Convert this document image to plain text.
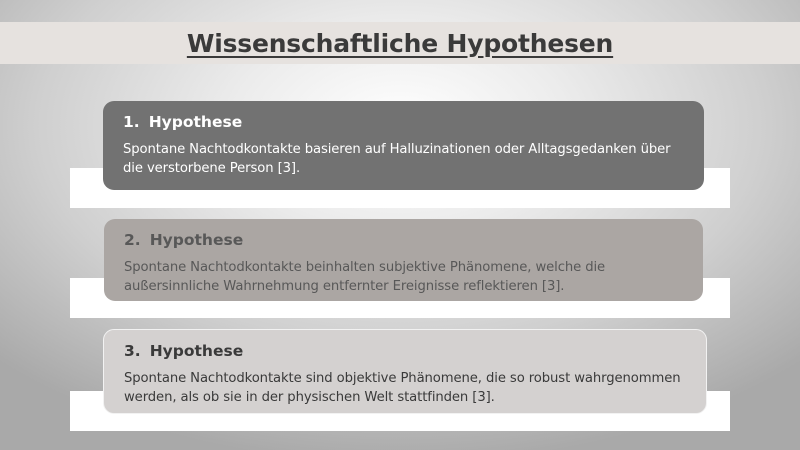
Wissenschaftliche Hypothesen
1. Hypothese
Spontane Nachtodkontakte basieren auf Halluzinationen oder Alltagsgedanken über die verstorbene Person [3].
2. Hypothese
Spontane Nachtodkontakte beinhalten subjektive Phänomene, welche die außersinnliche Wahrnehmung entfernter Ereignisse reflektieren [3].
3. Hypothese
Spontane Nachtodkontakte sind objektive Phänomene, die so robust wahrgenommen werden, als ob sie in der physischen Welt stattfinden [3].
